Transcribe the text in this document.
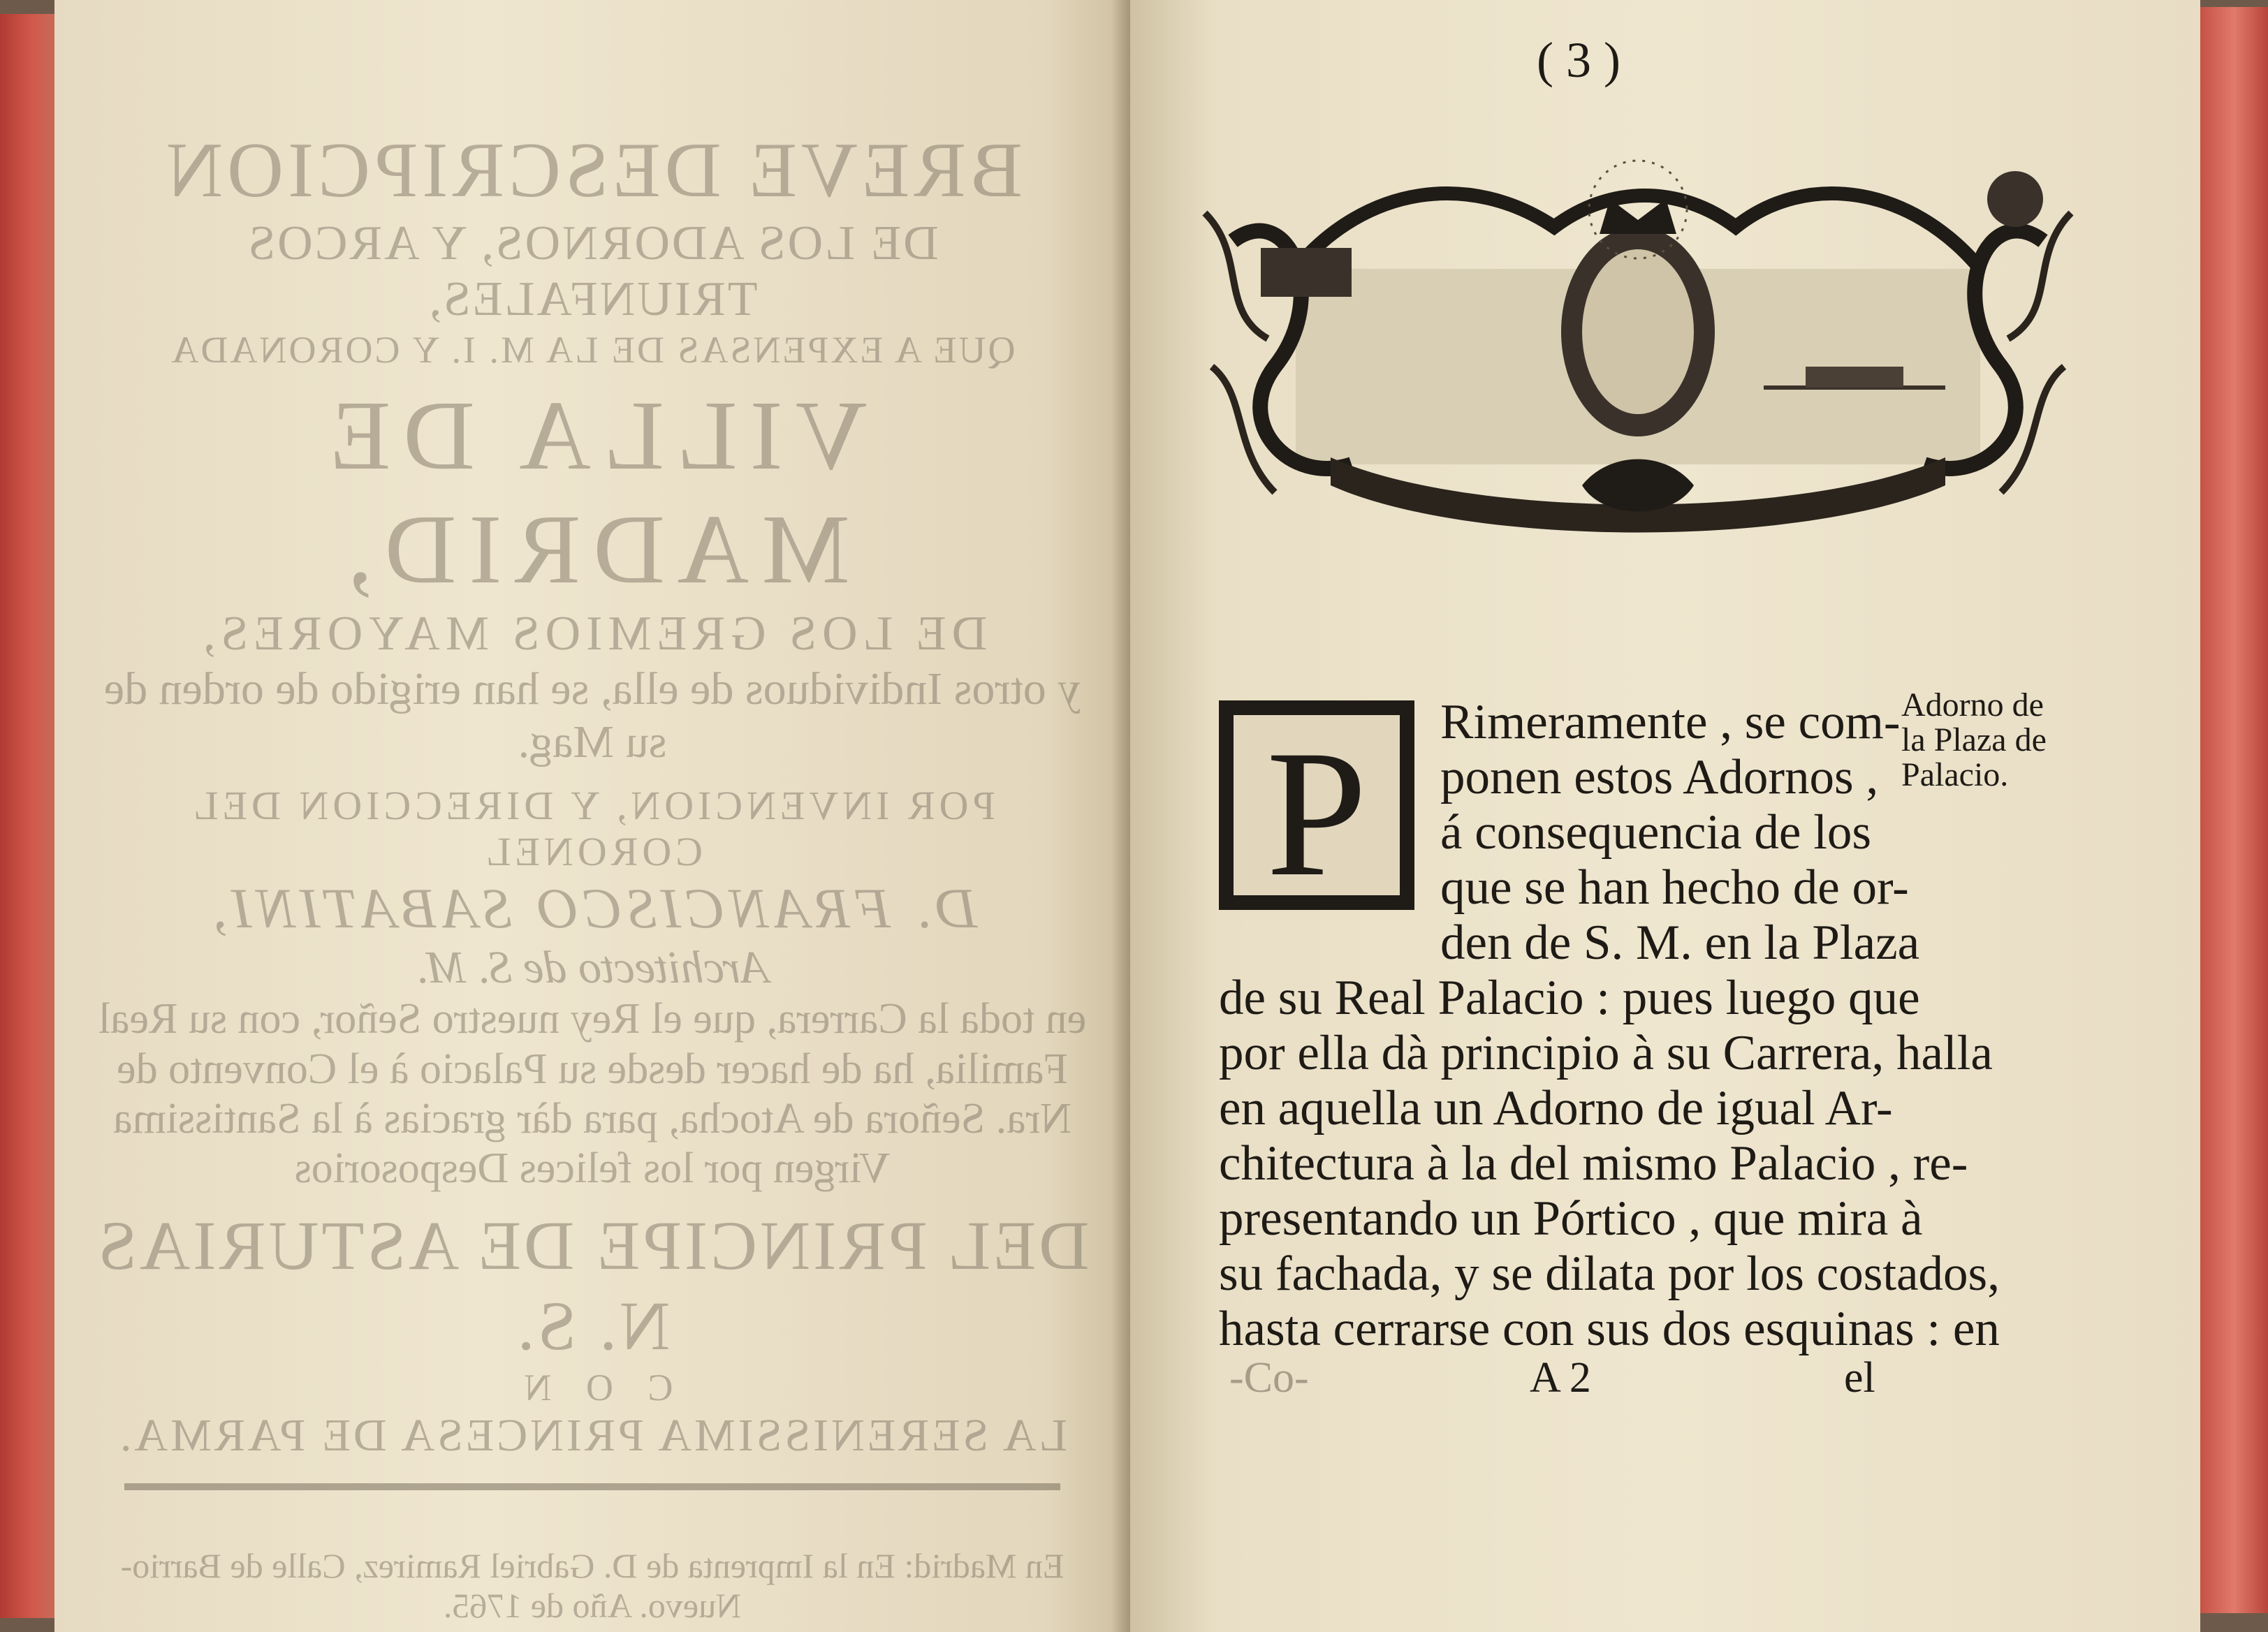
BREVE DESCRIPCION
DE LOS ADORNOS, Y ARCOS TRIUNFALES,
QUE A EXPENSAS DE LA M. I. Y CORONADA
VILLA DE MADRID,
DE LOS GREMIOS MAYORES,
y otros Individuos de ella, se han erigido de orden de su Mag.
POR INVENCION, Y DIRECCION DEL CORONEL
D. FRANCISCO SABATINI,
Architecto de S. M.
en toda la Carrera, que el Rey nuestro Señor, con su Real Familia, ha de hacer desde su Palacio à el Convento de Nra. Señora de Atocha, para dàr gracias à la Santissima Virgen por los felices Desposorios
DEL PRINCIPE DE ASTURIAS N. S.
C O N
LA SERENISSIMA PRINCESA DE PARMA.
En Madrid: En la Imprenta de D. Gabriel Ramirez, Calle de Barrio-Nuevo. Año de 1765.
( 3 )
P	Rimeramente , se com-
ponen estos Adornos ,
á consequencia de los
que se han hecho de or-
den de S. M. en la Plaza
de su Real Palacio : pues luego que
por ella dà principio à su Carrera, halla
en aquella un Adorno de igual Ar-
chitectura à la del mismo Palacio , re-
presentando un Pórtico , que mira à
su fachada, y se dilata por los costados,
hasta cerrarse con sus dos esquinas : en
Adorno de
la Plaza de
Palacio.
-Co-	A 2	el
